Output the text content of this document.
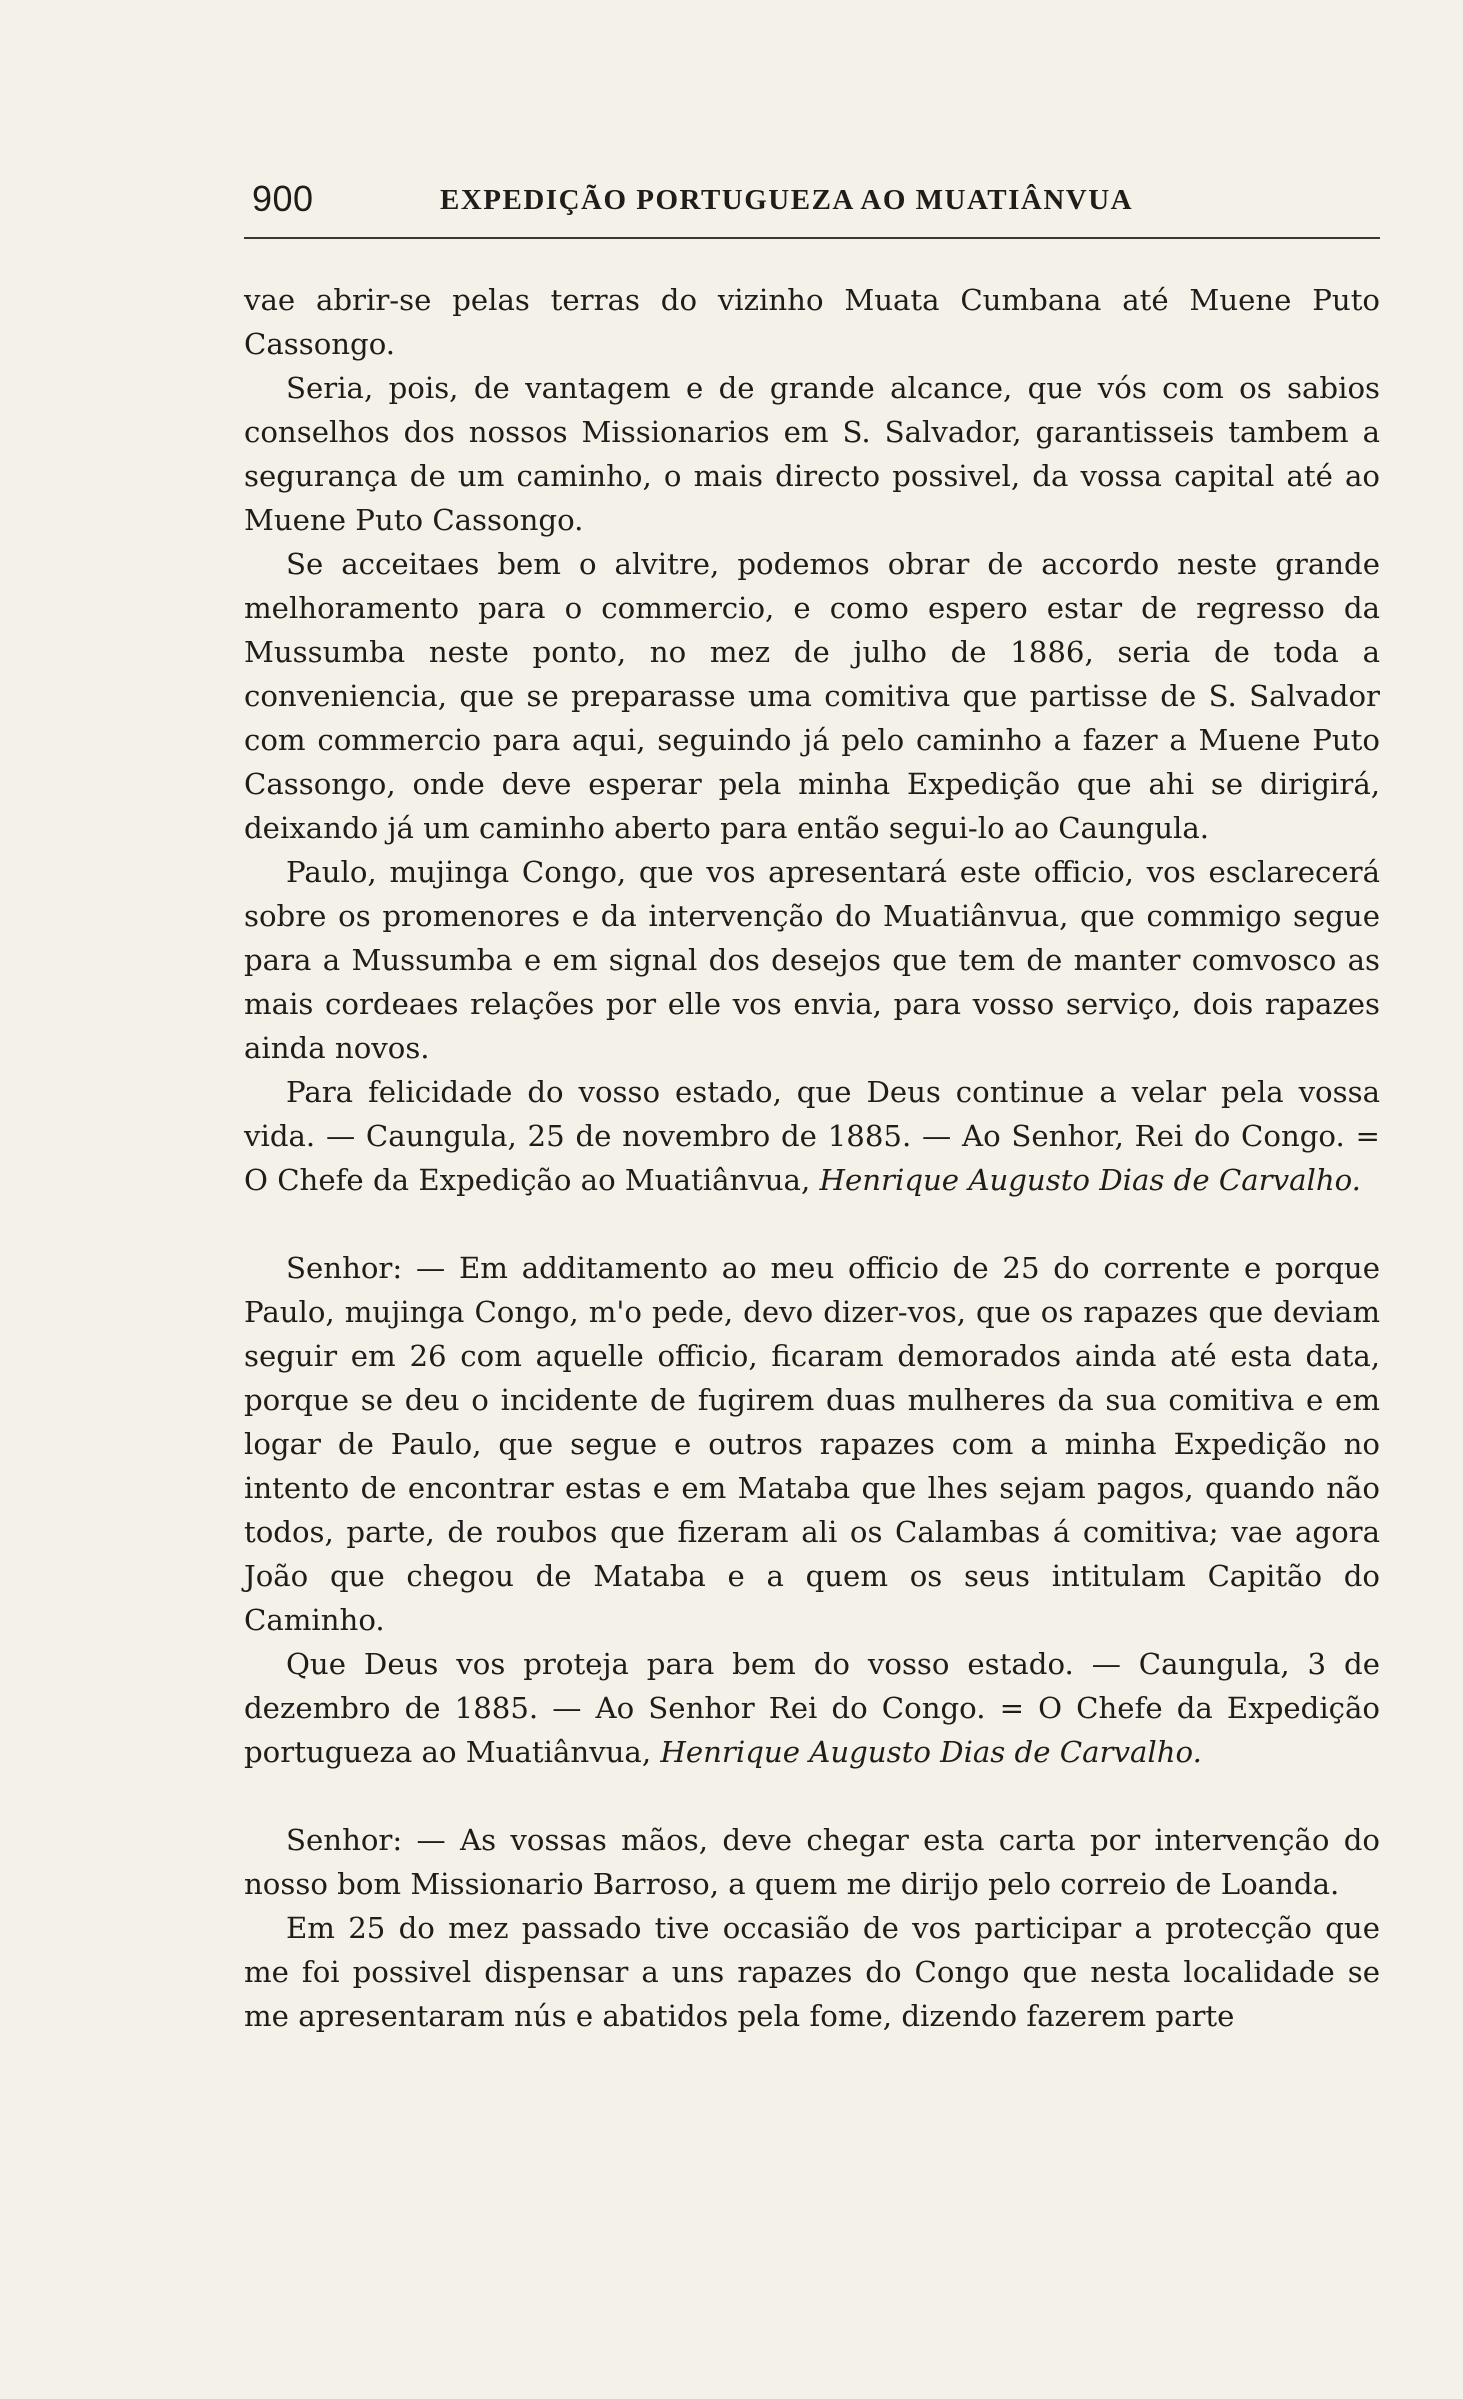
900	EXPEDIÇÃO PORTUGUEZA AO MUATIÂNVUA

vae abrir-se pelas terras do vizinho Muata Cumbana até Muene Puto Cassongo.

Seria, pois, de vantagem e de grande alcance, que vós com os sabios conselhos dos nossos Missionarios em S. Salvador, garantisseis tambem a segurança de um caminho, o mais directo possivel, da vossa capital até ao Muene Puto Cassongo.

Se acceitaes bem o alvitre, podemos obrar de accordo neste grande melhoramento para o commercio, e como espero estar de regresso da Mussumba neste ponto, no mez de julho de 1886, seria de toda a conveniencia, que se preparasse uma comitiva que partisse de S. Salvador com commercio para aqui, seguindo já pelo caminho a fazer a Muene Puto Cassongo, onde deve esperar pela minha Expedição que ahi se dirigirá, deixando já um caminho aberto para então segui-lo ao Caungula.

Paulo, mujinga Congo, que vos apresentará este officio, vos esclarecerá sobre os promenores e da intervenção do Muatiânvua, que commigo segue para a Mussumba e em signal dos desejos que tem de manter comvosco as mais cordeaes relações por elle vos envia, para vosso serviço, dois rapazes ainda novos.

Para felicidade do vosso estado, que Deus continue a velar pela vossa vida. — Caungula, 25 de novembro de 1885. — Ao Senhor, Rei do Congo. = O Chefe da Expedição ao Muatiânvua, Henrique Augusto Dias de Carvalho.

Senhor: — Em additamento ao meu officio de 25 do corrente e porque Paulo, mujinga Congo, m'o pede, devo dizer-vos, que os rapazes que deviam seguir em 26 com aquelle officio, ficaram demorados ainda até esta data, porque se deu o incidente de fugirem duas mulheres da sua comitiva e em logar de Paulo, que segue e outros rapazes com a minha Expedição no intento de encontrar estas e em Mataba que lhes sejam pagos, quando não todos, parte, de roubos que fizeram ali os Calambas á comitiva; vae agora João que chegou de Mataba e a quem os seus intitulam Capitão do Caminho.

Que Deus vos proteja para bem do vosso estado. — Caungula, 3 de dezembro de 1885. — Ao Senhor Rei do Congo. = O Chefe da Expedição portugueza ao Muatiânvua, Henrique Augusto Dias de Carvalho.

Senhor: — As vossas mãos, deve chegar esta carta por intervenção do nosso bom Missionario Barroso, a quem me dirijo pelo correio de Loanda.

Em 25 do mez passado tive occasião de vos participar a protecção que me foi possivel dispensar a uns rapazes do Congo que nesta localidade se me apresentaram nús e abatidos pela fome, dizendo fazerem parte
